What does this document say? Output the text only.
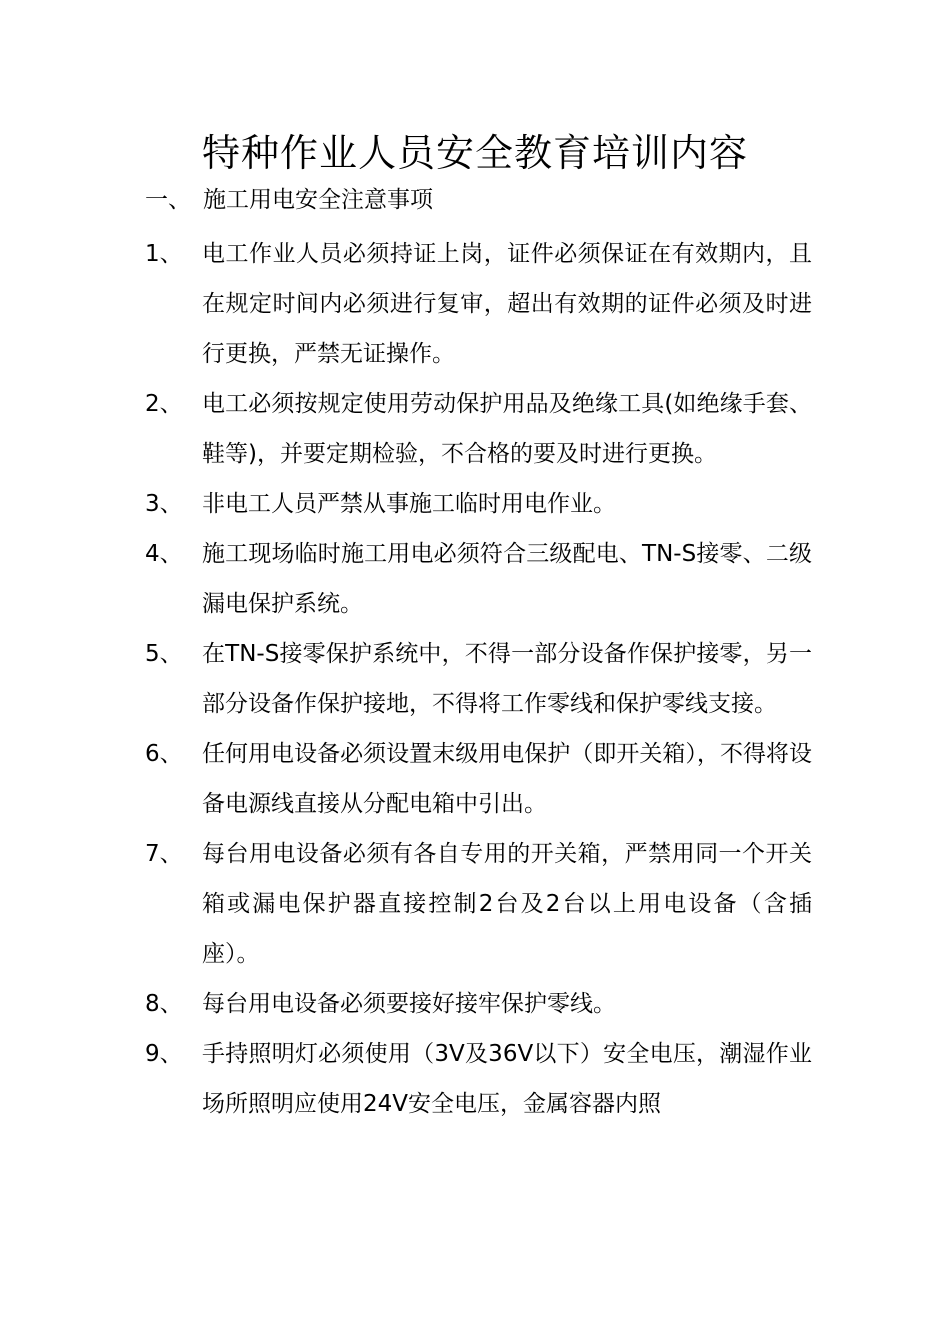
特种作业人员安全教育培训内容
一、 施工用电安全注意事项
1、 电工作业人员必须持证上岗，证件必须保证在有效期内，且在规定时间内必须进行复审，超出有效期的证件必须及时进行更换，严禁无证操作。
2、 电工必须按规定使用劳动保护用品及绝缘工具(如绝缘手套、鞋等)，并要定期检验，不合格的要及时进行更换。
3、 非电工人员严禁从事施工临时用电作业。
4、 施工现场临时施工用电必须符合三级配电、TN-S接零、二级漏电保护系统。
5、 在TN-S接零保护系统中，不得一部分设备作保护接零，另一部分设备作保护接地，不得将工作零线和保护零线支接。
6、 任何用电设备必须设置末级用电保护（即开关箱），不得将设备电源线直接从分配电箱中引出。
7、 每台用电设备必须有各自专用的开关箱，严禁用同一个开关箱或漏电保护器直接控制2台及2台以上用电设备（含插座）。
8、 每台用电设备必须要接好接牢保护零线。
9、 手持照明灯必须使用（3V及36V以下）安全电压，潮湿作业场所照明应使用24V安全电压，金属容器内照
